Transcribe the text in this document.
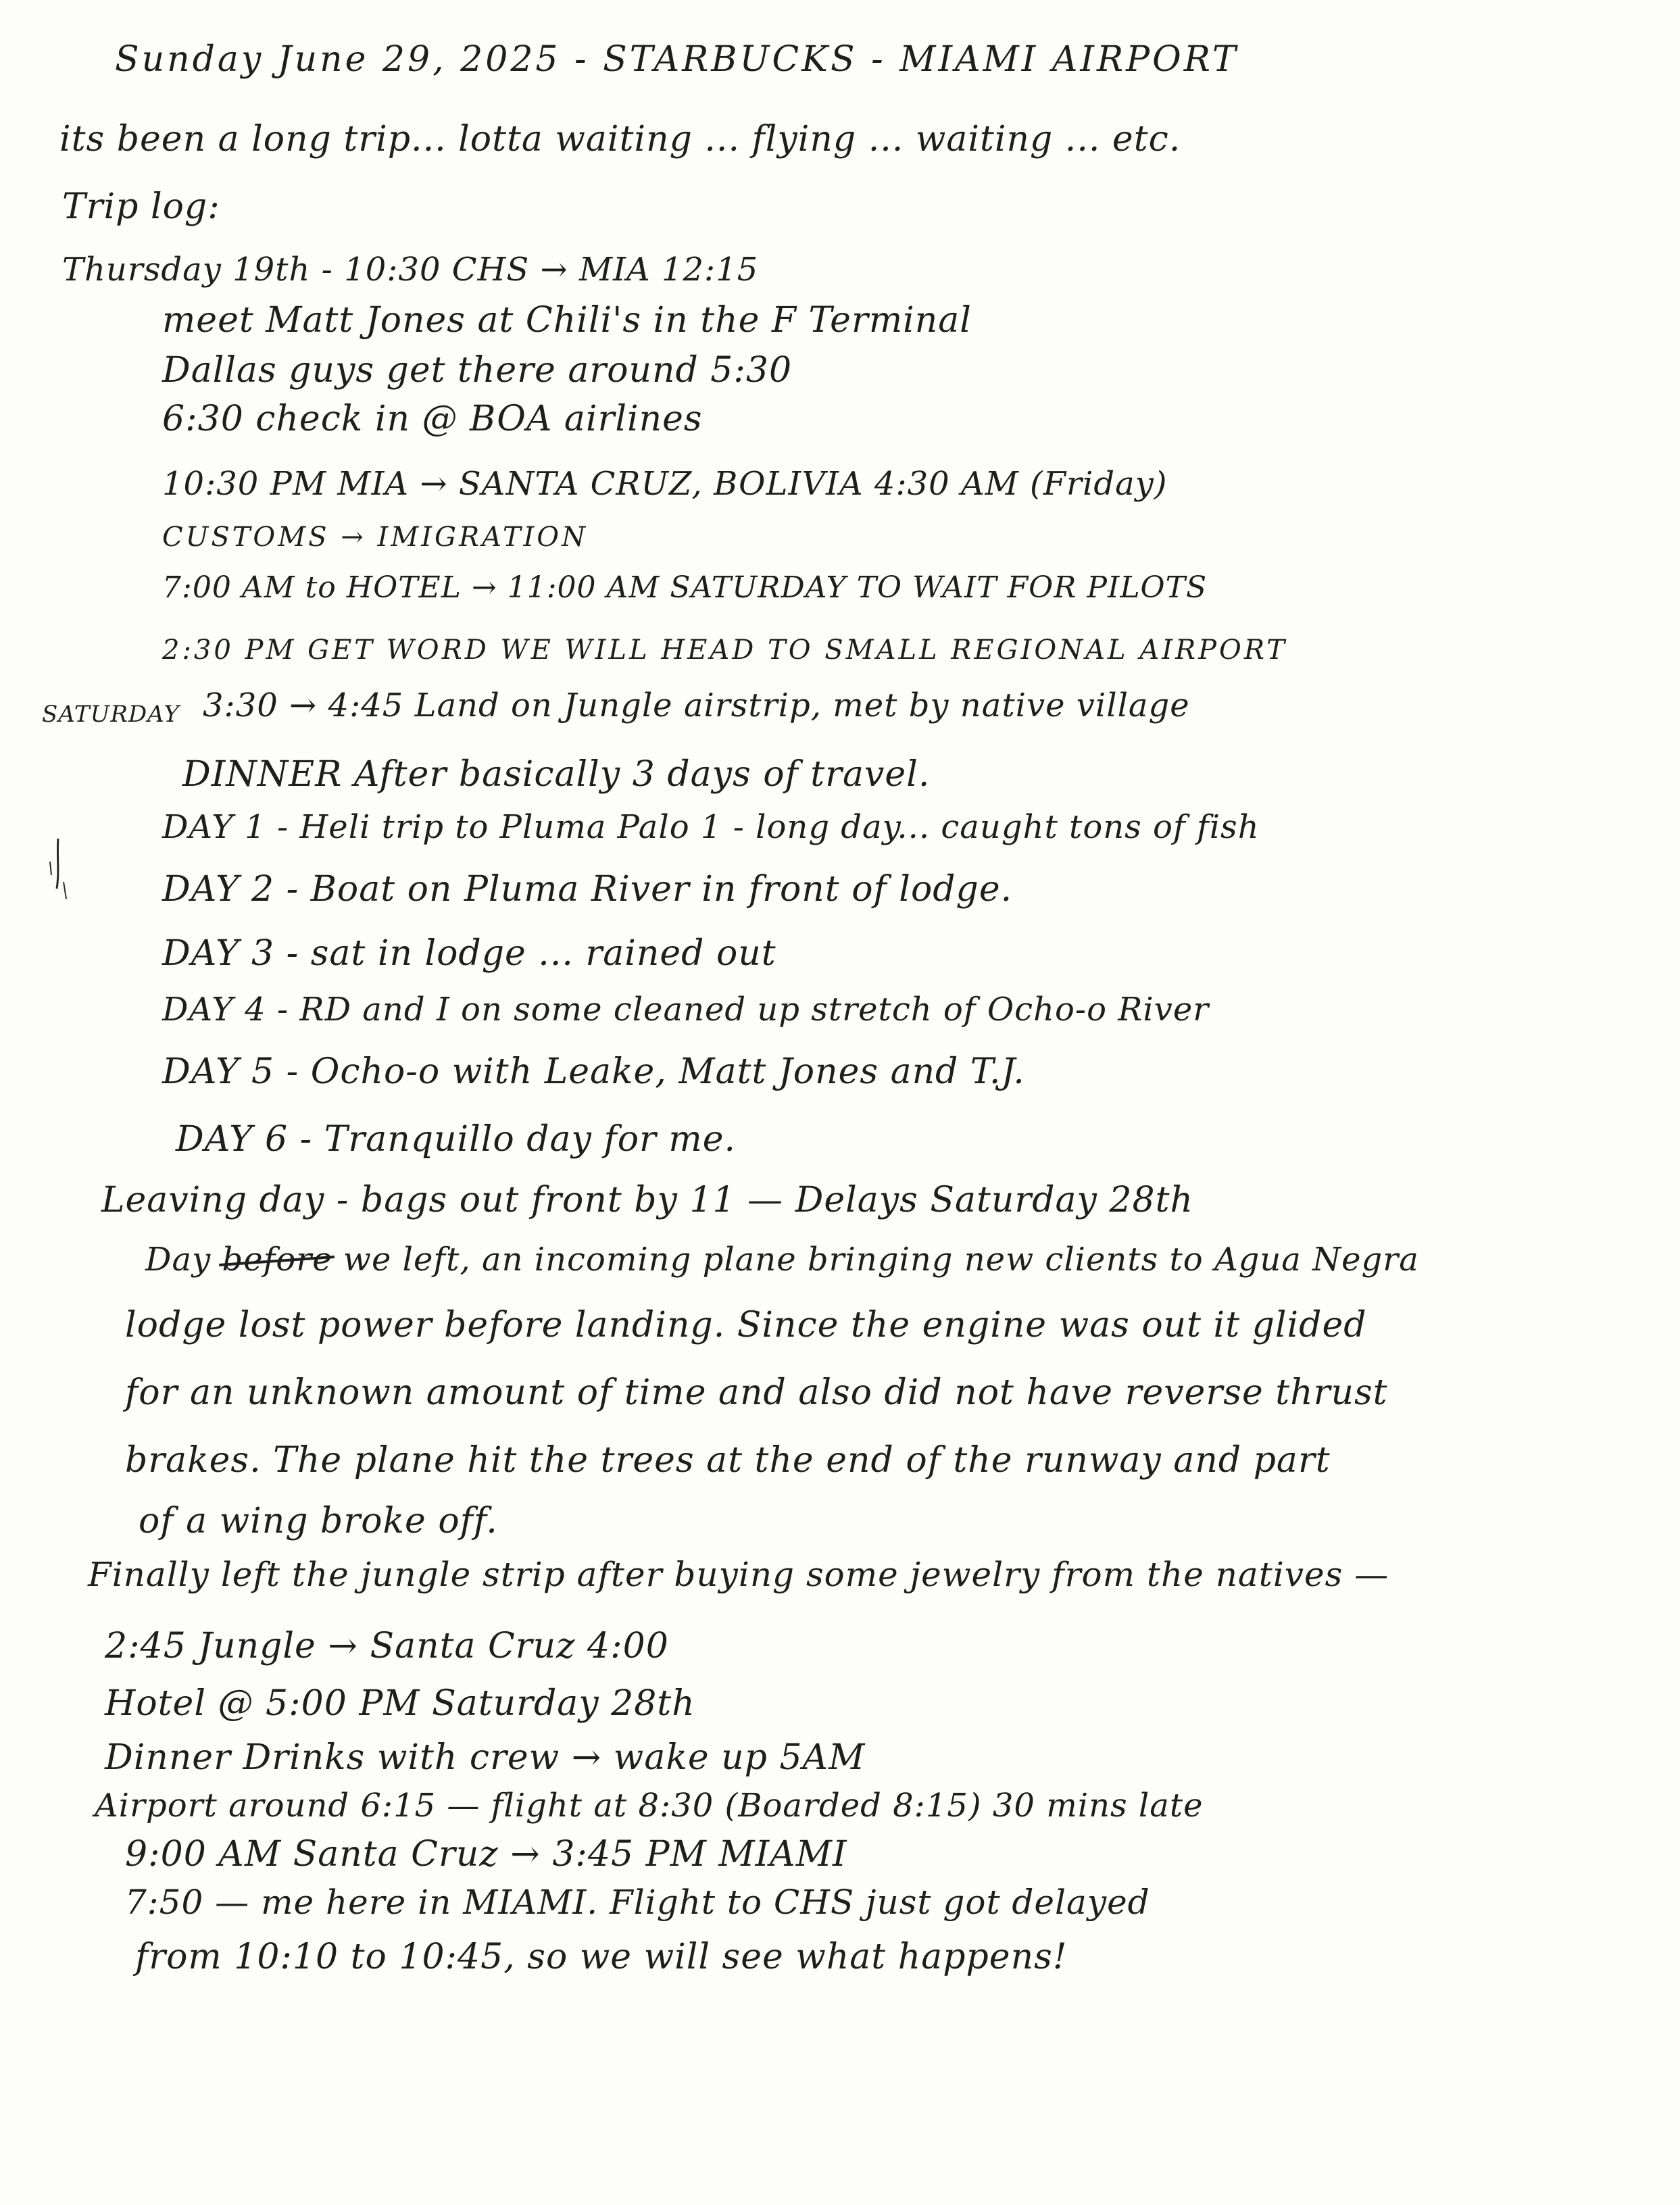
Sunday June 29, 2025 - STARBUCKS - MIAMI AIRPORT
its been a long trip... lotta waiting ... flying ... waiting ... etc.
Trip log:
Thursday 19th - 10:30 CHS → MIA 12:15
meet Matt Jones at Chili's in the F Terminal
Dallas guys get there around 5:30
6:30 check in @ BOA airlines
10:30 PM MIA → SANTA CRUZ, BOLIVIA 4:30 AM (Friday)
CUSTOMS → IMIGRATION
7:00 AM to HOTEL → 11:00 AM SATURDAY TO WAIT FOR PILOTS
2:30 PM GET WORD WE WILL HEAD TO SMALL REGIONAL AIRPORT
SATURDAY 3:30 → 4:45 Land on Jungle airstrip, met by native village
DINNER After basically 3 days of travel.
DAY 1 - Heli trip to Pluma Palo 1 - long day... caught tons of fish
DAY 2 - Boat on Pluma River in front of lodge.
DAY 3 - sat in lodge ... rained out
DAY 4 - RD and I on some cleaned up stretch of Ocho-o River
DAY 5 - Ocho-o with Leake, Matt Jones and T.J.
DAY 6 - Tranquillo day for me.
Leaving day - bags out front by 11 — Delays Saturday 28th
Day before we left, an incoming plane bringing new clients to Agua Negra
lodge lost power before landing. Since the engine was out it glided
for an unknown amount of time and also did not have reverse thrust
brakes. The plane hit the trees at the end of the runway and part
of a wing broke off.
Finally left the jungle strip after buying some jewelry from the natives —
2:45 Jungle → Santa Cruz 4:00
Hotel @ 5:00 PM Saturday 28th
Dinner Drinks with crew → wake up 5AM
Airport around 6:15 — flight at 8:30 (Boarded 8:15) 30 mins late
9:00 AM Santa Cruz → 3:45 PM MIAMI
7:50 — me here in MIAMI. Flight to CHS just got delayed
from 10:10 to 10:45, so we will see what happens!
